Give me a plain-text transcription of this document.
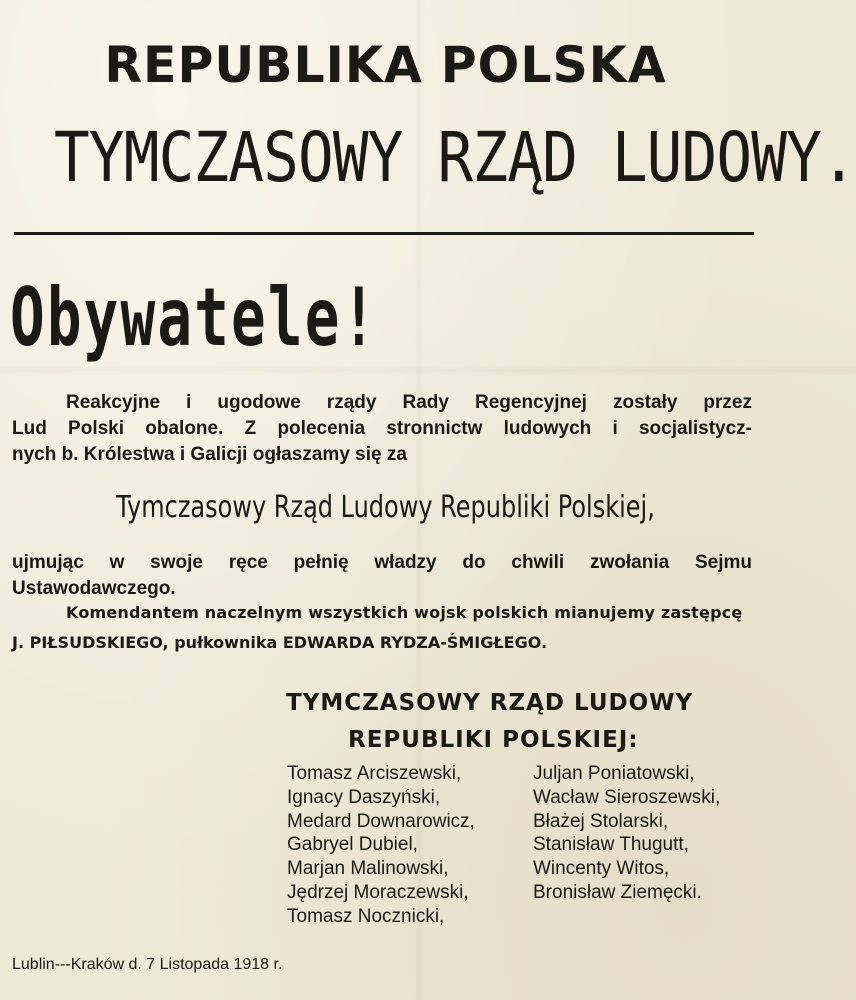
REPUBLIKA POLSKA
TYMCZASOWY RZĄD LUDOWY.
Obywatele!
Reakcyjne i ugodowe rządy Rady Regencyjnej zostały przez
Lud Polski obalone. Z polecenia stronnictw ludowych i socjalistycz-
nych b. Królestwa i Galicji ogłaszamy się za
Tymczasowy Rząd Ludowy Republiki Polskiej,
ujmując w swoje ręce pełnię władzy do chwili zwołania Sejmu
Ustawodawczego.
Komendantem naczelnym wszystkich wojsk polskich mianujemy zastępcę
J. PIŁSUDSKIEGO, pułkownika EDWARDA RYDZA-ŚMIGŁEGO.
TYMCZASOWY RZĄD LUDOWY
REPUBLIKI POLSKIEJ:
Tomasz Arciszewski,
Ignacy Daszyński,
Medard Downarowicz,
Gabryel Dubiel,
Marjan Malinowski,
Jędrzej Moraczewski,
Tomasz Nocznicki,
Juljan Poniatowski,
Wacław Sieroszewski,
Błażej Stolarski,
Stanisław Thugutt,
Wincenty Witos,
Bronisław Ziemęcki.
Lublin---Kraków d. 7 Listopada 1918 r.
